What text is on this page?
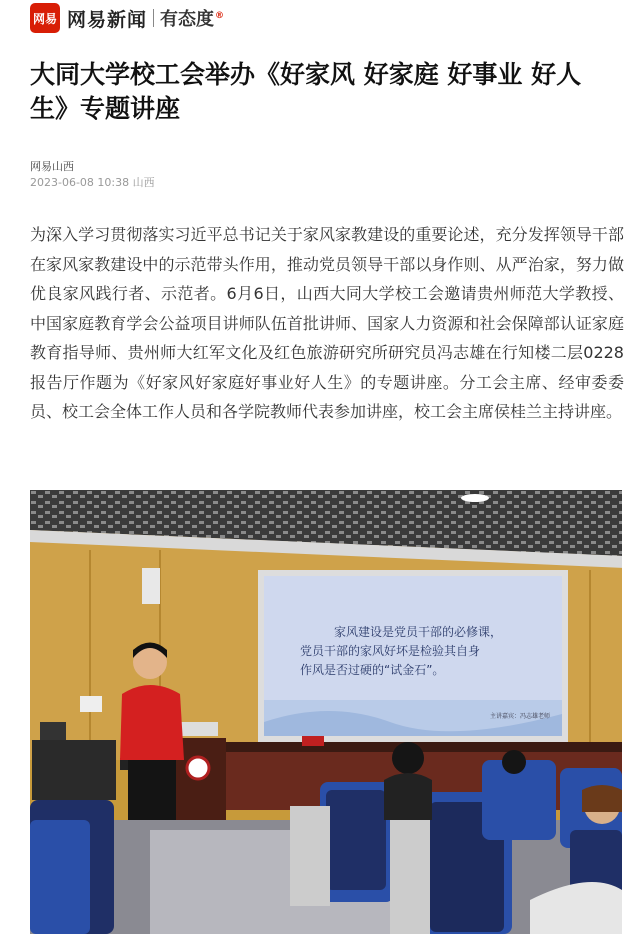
网易 网易新闻 有态度®
大同大学校工会举办《好家风 好家庭 好事业 好人生》专题讲座
网易山西
2023-06-08 10:38 山西

为深入学习贯彻落实习近平总书记关于家风家教建设的重要论述，充分发挥领导干部在家风家教建设中的示范带头作用，推动党员领导干部以身作则、从严治家，努力做优良家风践行者、示范者。6月6日，山西大同大学校工会邀请贵州师范大学教授、中国家庭教育学会公益项目讲师队伍首批讲师、国家人力资源和社会保障部认证家庭教育指导师、贵州师大红军文化及红色旅游研究所研究员冯志雄在行知楼二层0228报告厅作题为《好家风好家庭好事业好人生》的专题讲座。分工会主席、经审委委员、校工会全体工作人员和各学院教师代表参加讲座，校工会主席侯桂兰主持讲座。

家风建设是党员干部的必修课，
党员干部的家风好坏是检验其自身
作风是否过硬的“试金石”。
主讲嘉宾：冯志雄老师
